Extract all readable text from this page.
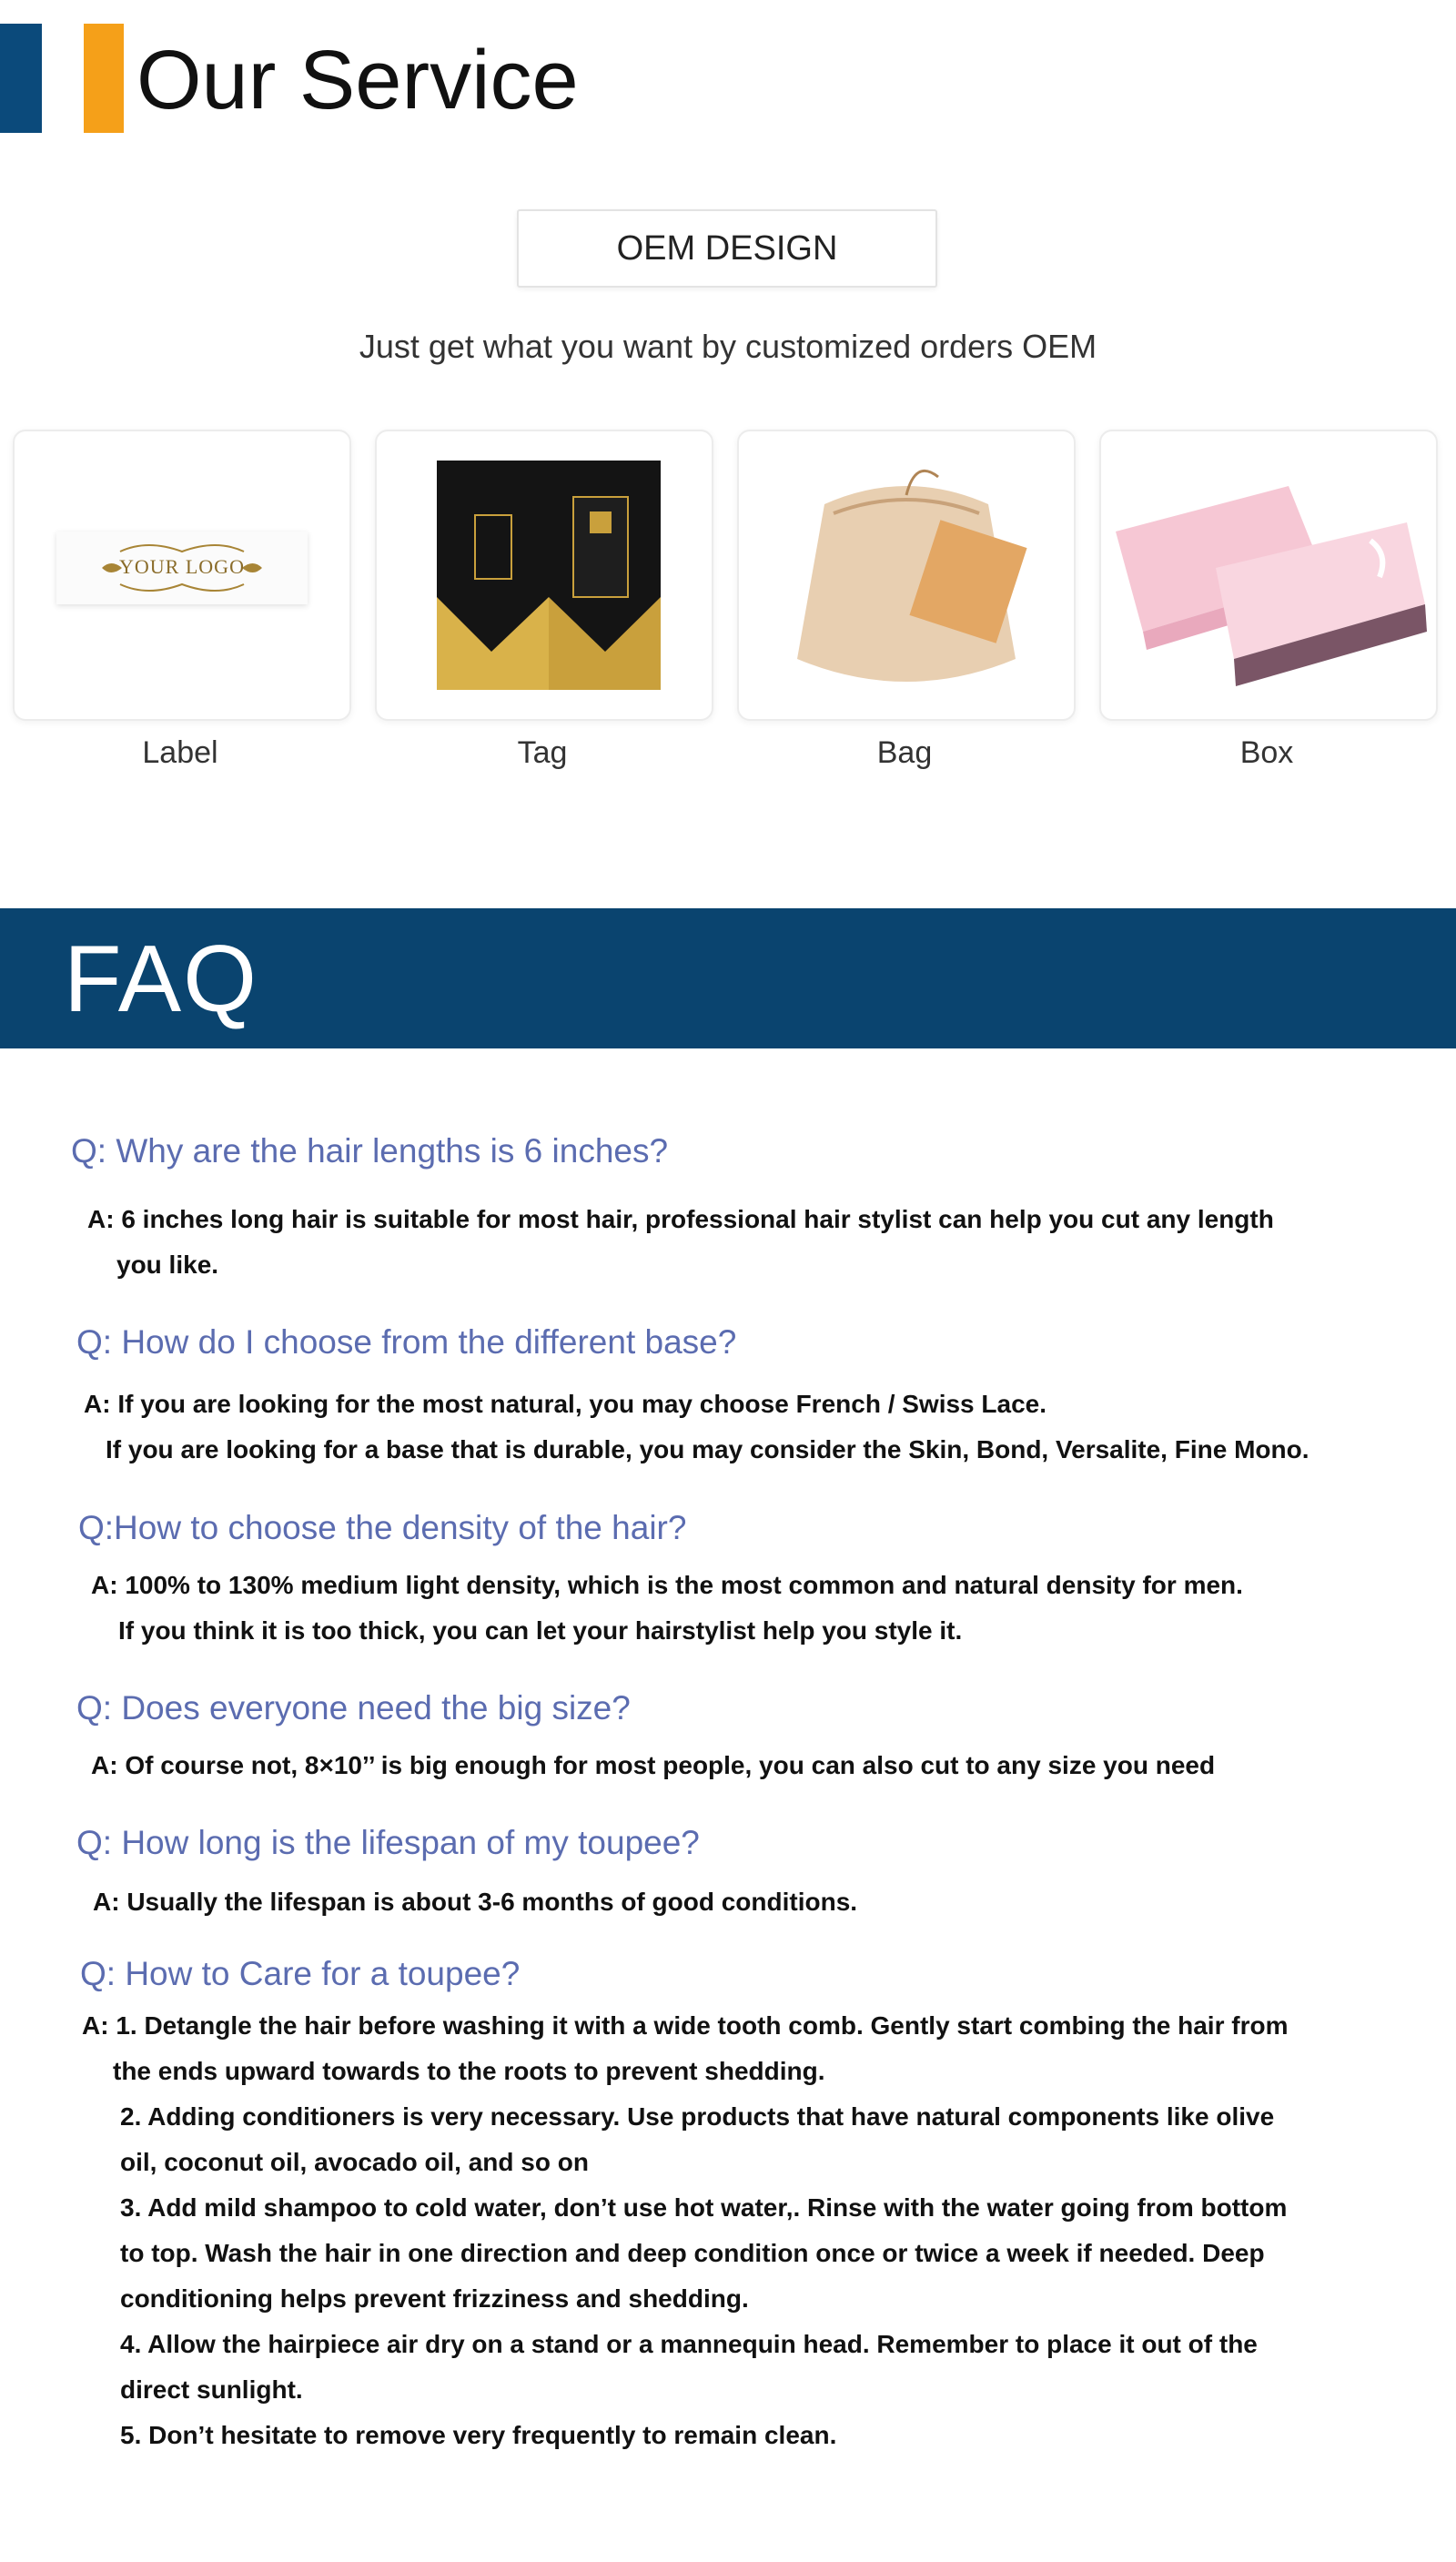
Our Service
OEM DESIGN
Just get what you want by customized orders OEM
YOUR LOGO
Label	Tag	Bag	Box
FAQ
Q: Why are the hair lengths is 6 inches?
A: 6 inches long hair is suitable for most hair, professional hair stylist can help you cut any length
you like.
Q: How do I choose from the different base?
A: If you are looking for the most natural, you may choose French / Swiss Lace.
If you are looking for a base that is durable, you may consider the Skin, Bond, Versalite, Fine Mono.
Q:How to choose the density of the hair?
A: 100% to 130% medium light density, which is the most common and natural density for men.
If you think it is too thick, you can let your hairstylist help you style it.
Q: Does everyone need the big size?
A: Of course not, 8×10’’ is big enough for most people, you can also cut to any size you need
Q: How long is the lifespan of my toupee?
A: Usually the lifespan is about 3-6 months of good conditions.
Q: How to Care for a toupee?
A: 1. Detangle the hair before washing it with a wide tooth comb. Gently start combing the hair from
the ends upward towards to the roots to prevent shedding.
2. Adding conditioners is very necessary. Use products that have natural components like olive
oil, coconut oil, avocado oil, and so on
3. Add mild shampoo to cold water, don’t use hot water,. Rinse with the water going from bottom
to top. Wash the hair in one direction and deep condition once or twice a week if needed. Deep
conditioning helps prevent frizziness and shedding.
4. Allow the hairpiece air dry on a stand or a mannequin head. Remember to place it out of the
direct sunlight.
5. Don’t hesitate to remove very frequently to remain clean.
